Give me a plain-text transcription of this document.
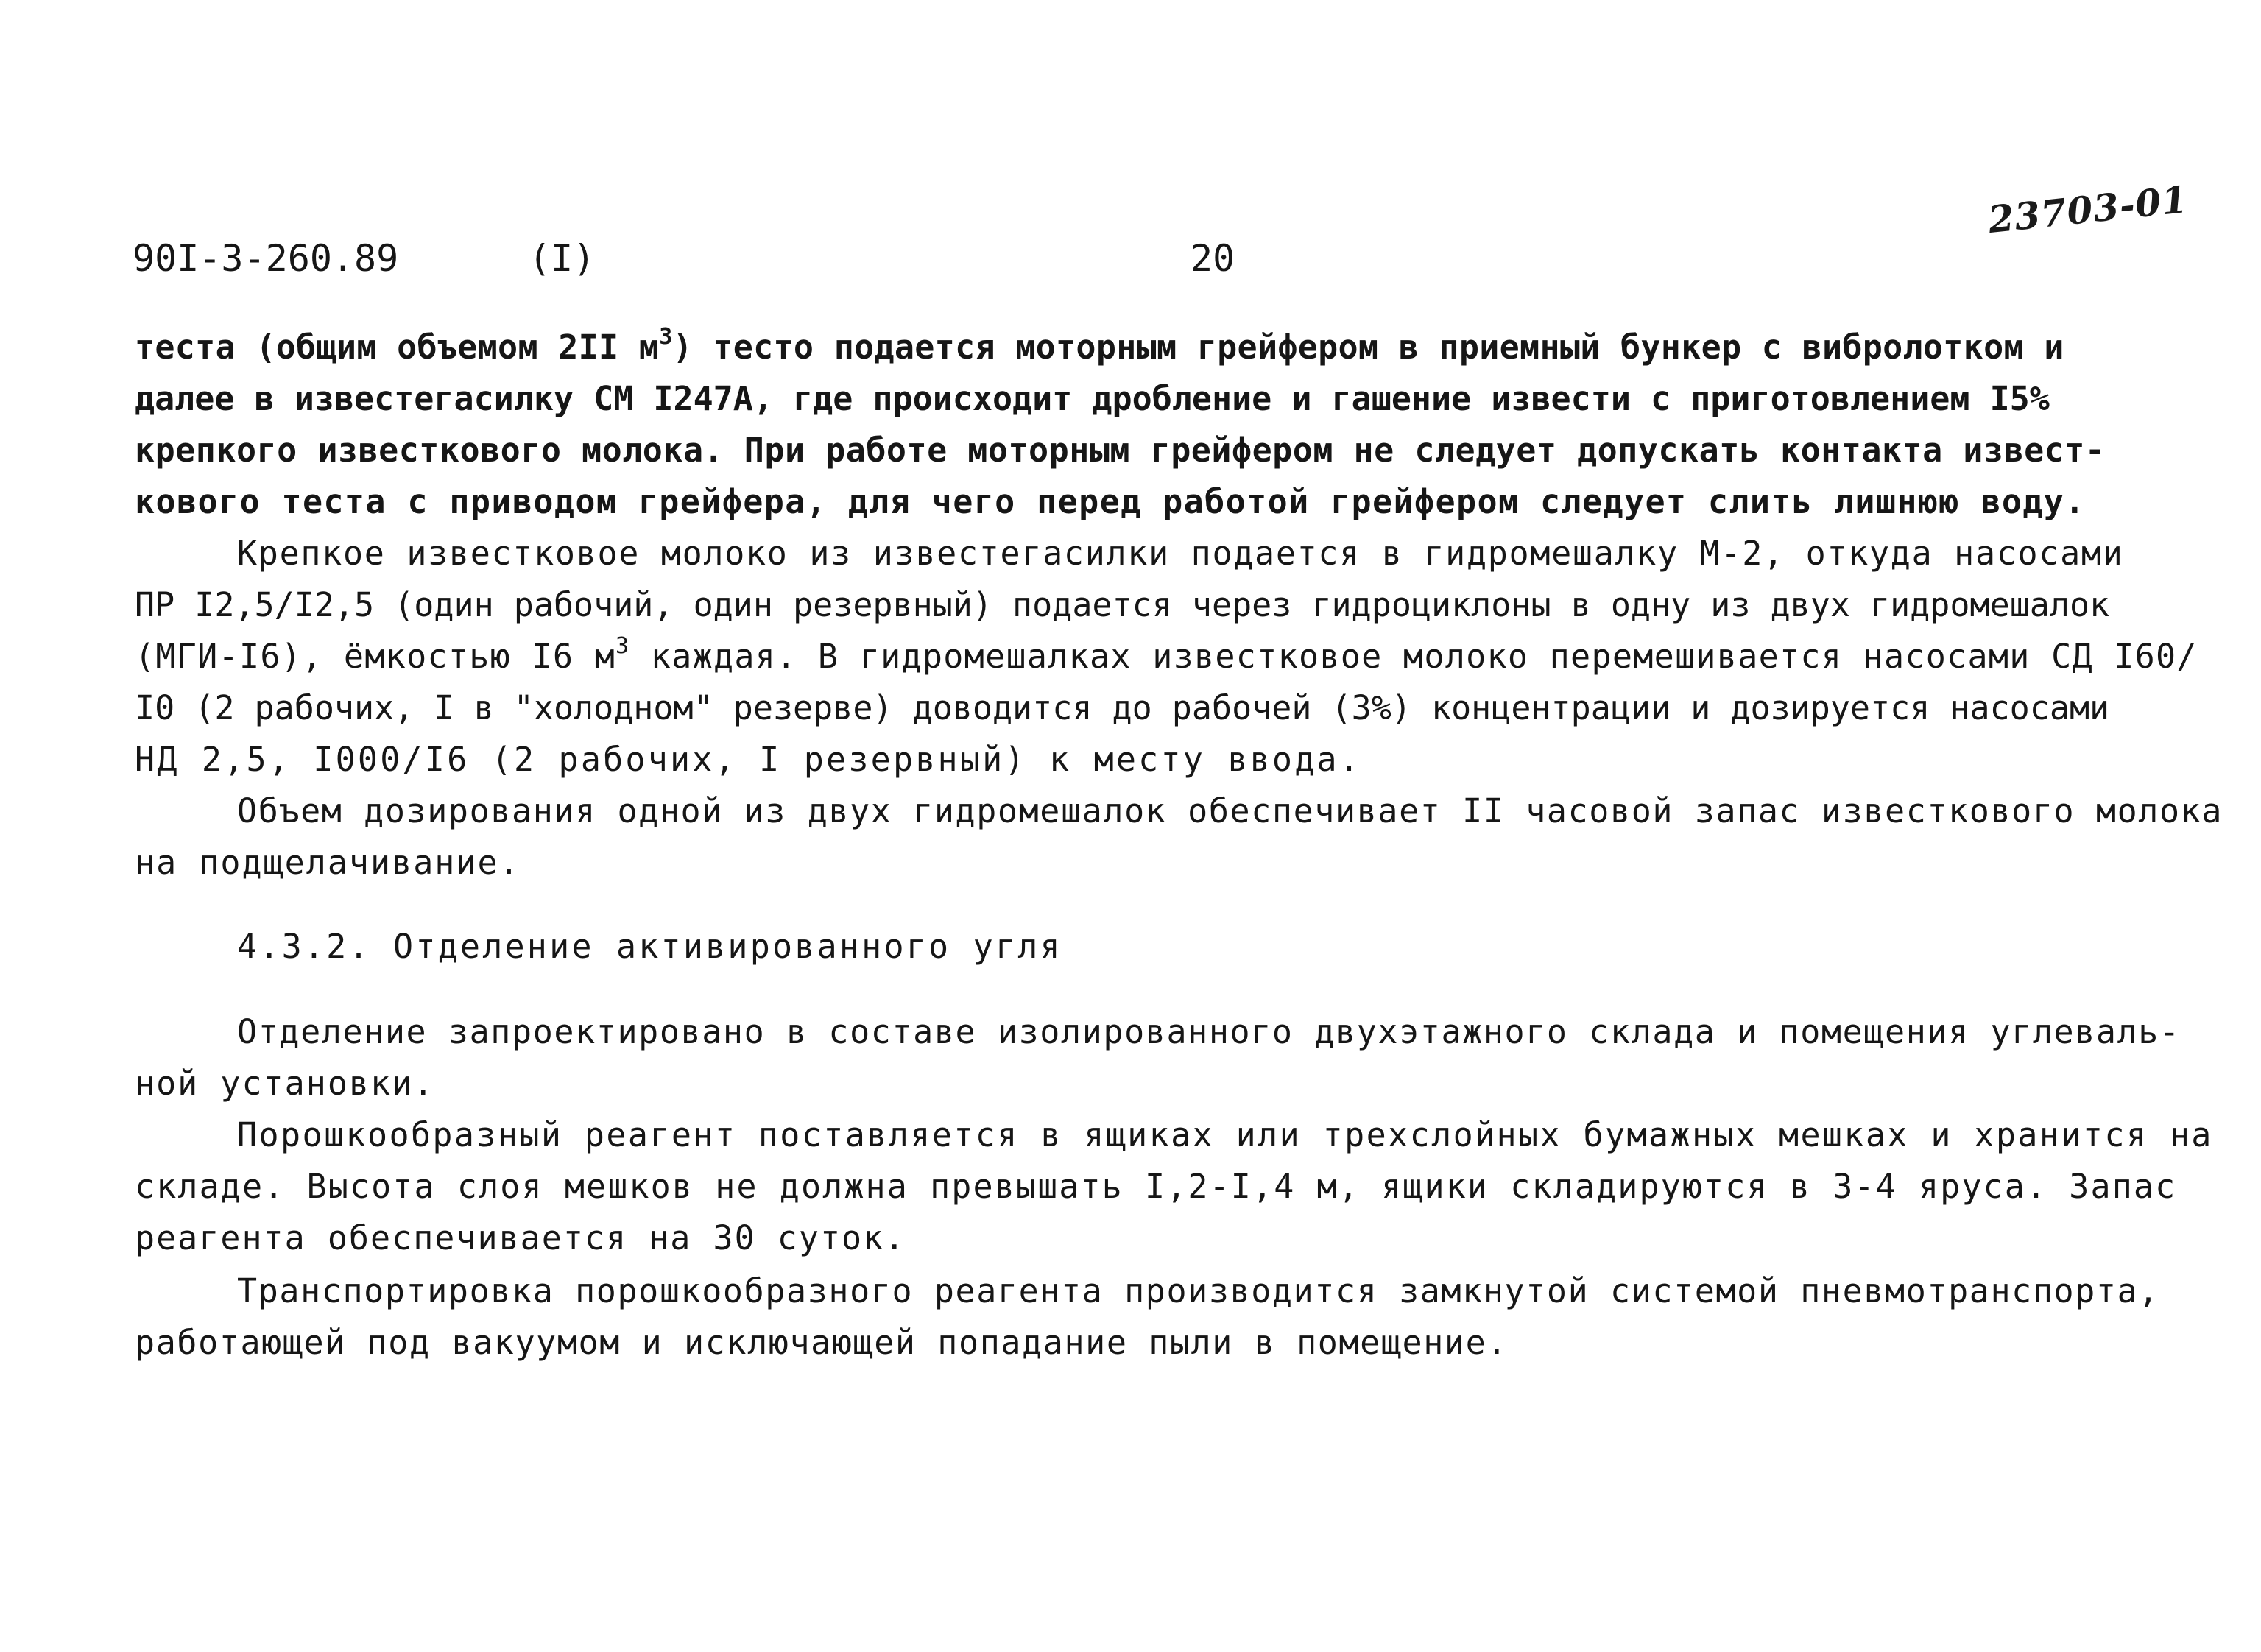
23703-01
90I-3-260.89	(I)	20
теста (общим объемом 2II $м^3$) тесто подается моторным грейфером в приемный бункер с вибролотком и
далее в известегасилку СМ I247А, где происходит дробление и гашение извести с приготовлением I5%
крепкого известкового молока. При работе моторным грейфером не следует допускать контакта извест-
кового теста с приводом грейфера, для чего перед работой грейфером следует слить лишнюю воду.
Крепкое известковое молоко из известегасилки подается в гидромешалку М-2, откуда насосами
ПР I2,5/I2,5 (один рабочий, один резервный) подается через гидроциклоны в одну из двух гидромешалок
(МГИ-I6), ёмкостью I6 $м^3$ каждая. В гидромешалках известковое молоко перемешивается насосами СД I60/
I0 (2 рабочих, I в "холодном" резерве) доводится до рабочей (3%) концентрации и дозируется насосами
НД 2,5, I000/I6 (2 рабочих, I резервный) к месту ввода.
Объем дозирования одной из двух гидромешалок обеспечивает II часовой запас известкового молока
на подщелачивание.
4.3.2. Отделение активированного угля
Отделение запроектировано в составе изолированного двухэтажного склада и помещения углеваль-
ной установки.
Порошкообразный реагент поставляется в ящиках или трехслойных бумажных мешках и хранится на
складе. Высота слоя мешков не должна превышать I,2-I,4 м, ящики складируются в 3-4 яруса. Запас
реагента обеспечивается на 30 суток.
Транспортировка порошкообразного реагента производится замкнутой системой пневмотранспорта,
работающей под вакуумом и исключающей попадание пыли в помещение.
